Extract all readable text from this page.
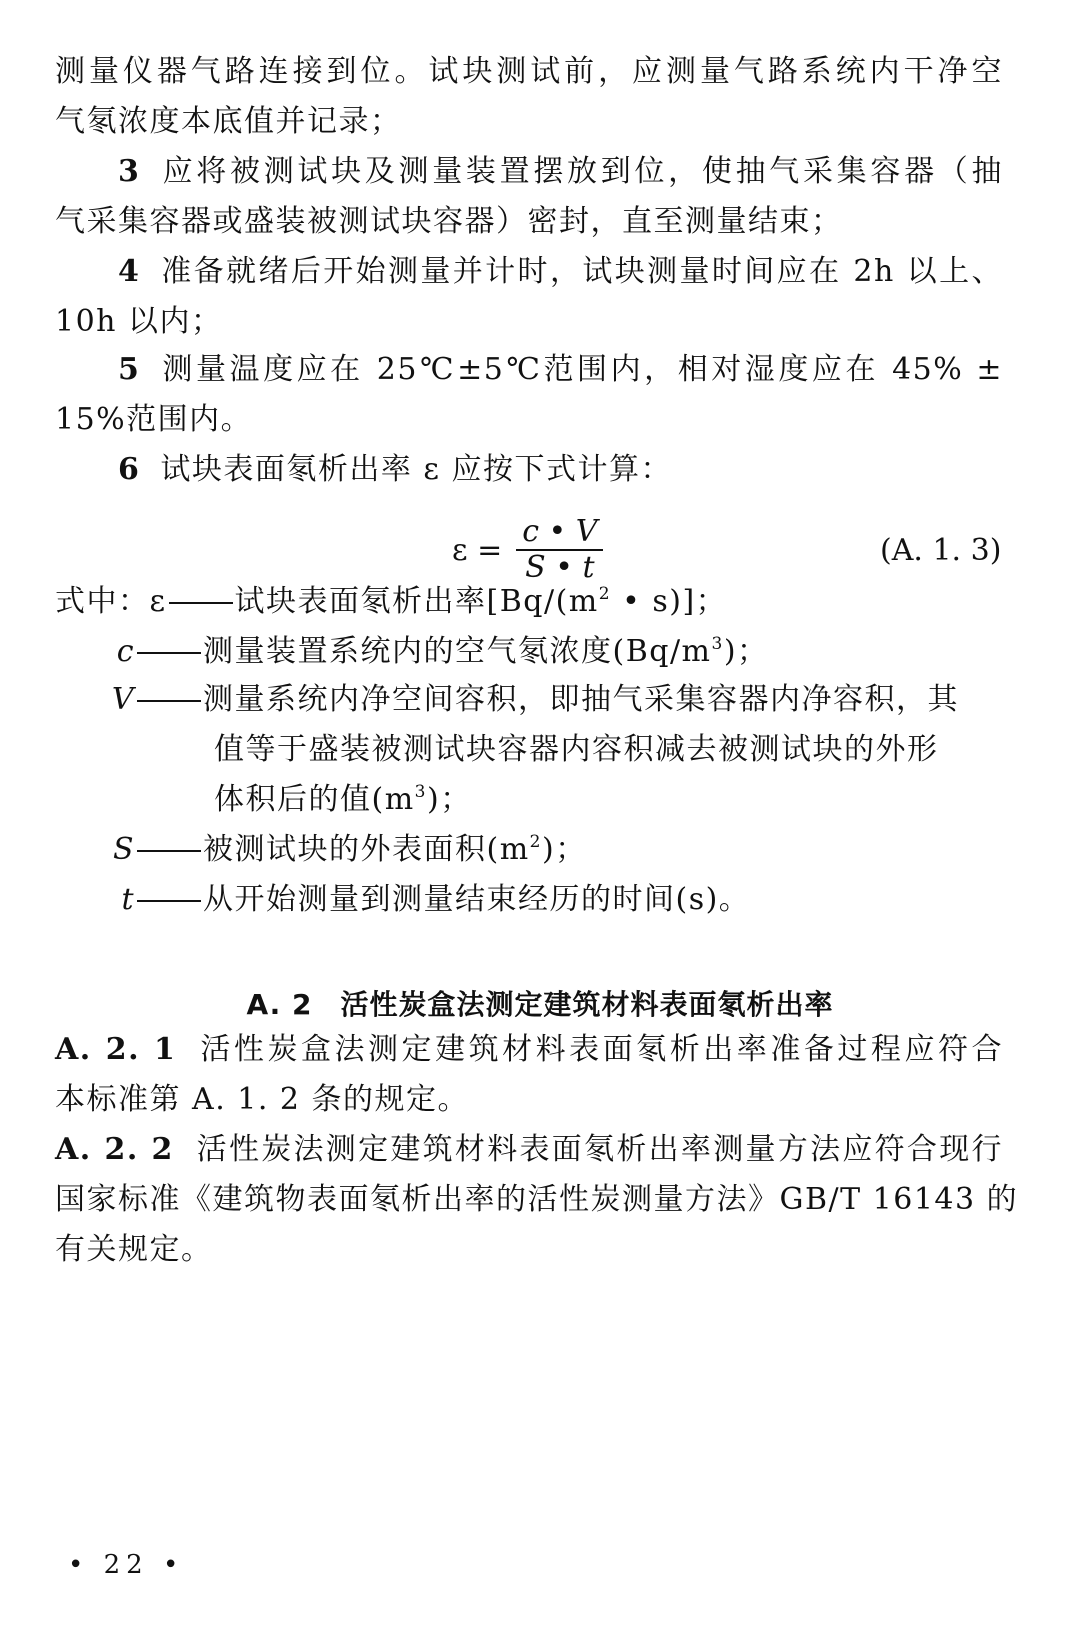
测量仪器气路连接到位。试块测试前，应测量气路系统内干净空
气氡浓度本底值并记录；
3 应将被测试块及测量装置摆放到位，使抽气采集容器（抽
气采集容器或盛装被测试块容器）密封，直至测量结束；
4 准备就绪后开始测量并计时，试块测量时间应在 2h 以上、
10h 以内；
5 测量温度应在 25℃±5℃范围内，相对湿度应在 45% ±
15%范围内。
6 试块表面氡析出率 ε 应按下式计算：
$\varepsilon = \frac{c • V}{S • t}$	(A. 1. 3)
式中：ε 试块表面氡析出率[$Bq/(m^2$ • s)]；
c 测量装置系统内的空气氡浓度$(Bq/m^3)$；
V 测量系统内净空间容积，即抽气采集容器内净容积，其
值等于盛装被测试块容器内容积减去被测试块的外形
体积后的值$(m^3)$；
S 被测试块的外表面积$(m^2)$；
t 从开始测量到测量结束经历的时间(s)。
A. 2 活性炭盒法测定建筑材料表面氡析出率
A. 2. 1 活性炭盒法测定建筑材料表面氡析出率准备过程应符合
本标准第 A. 1. 2 条的规定。
A. 2. 2 活性炭法测定建筑材料表面氡析出率测量方法应符合现行
国家标准《建筑物表面氡析出率的活性炭测量方法》GB/T 16143 的
有关规定。
• 22 •
